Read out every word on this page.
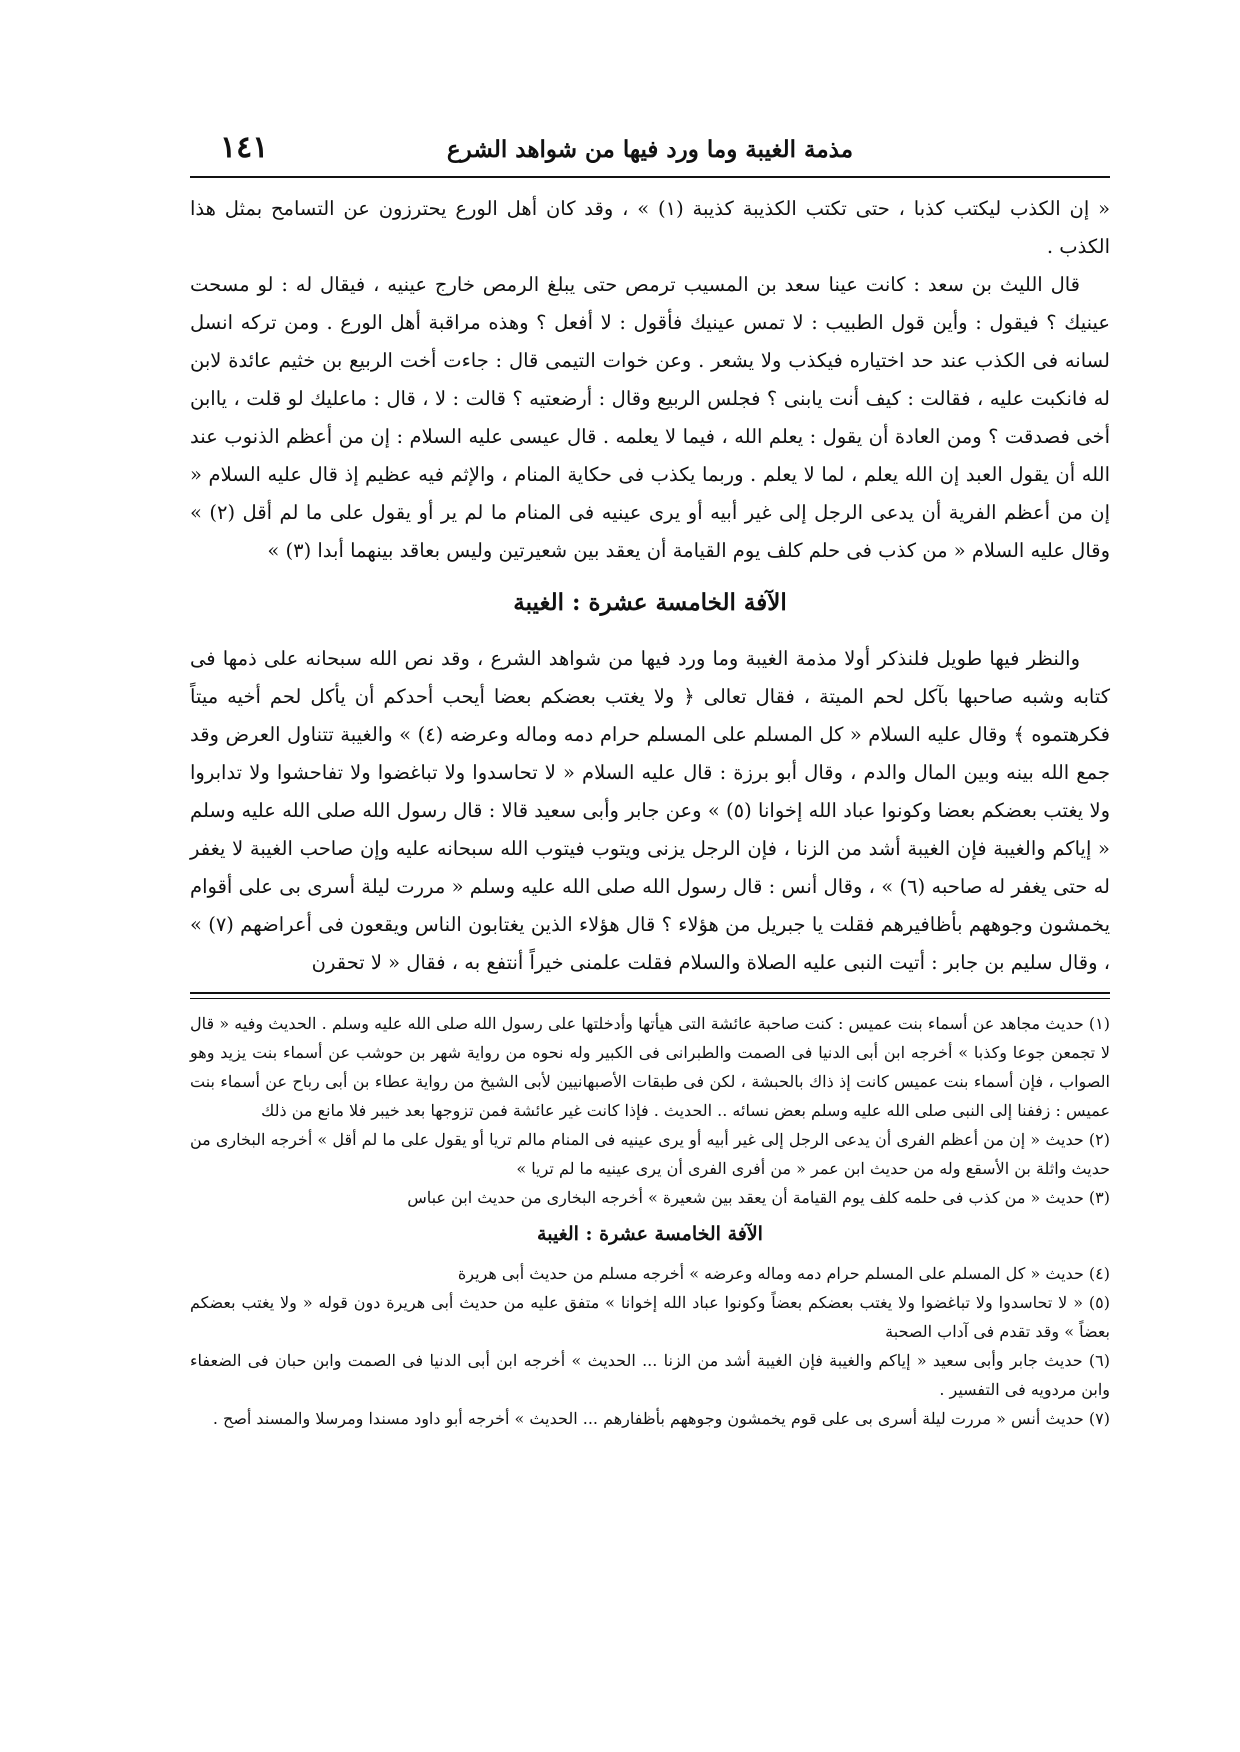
١٤١	مذمة الغيبة وما ورد فيها من شواهد الشرع

« إن الكذب ليكتب كذبا ، حتى تكتب الكذيبة كذيبة (١) » ، وقد كان أهل الورع يحترزون عن التسامح بمثل هذا الكذب .

قال الليث بن سعد : كانت عينا سعد بن المسيب ترمص حتى يبلغ الرمص خارج عينيه ، فيقال له : لو مسحت عينيك ؟ فيقول : وأين قول الطبيب : لا تمس عينيك فأقول : لا أفعل ؟ وهذه مراقبة أهل الورع . ومن تركه انسل لسانه فى الكذب عند حد اختياره فيكذب ولا يشعر . وعن خوات التيمى قال : جاءت أخت الربيع بن خثيم عائدة لابن له فانكبت عليه ، فقالت : كيف أنت يابنى ؟ فجلس الربيع وقال : أرضعتيه ؟ قالت : لا ، قال : ماعليك لو قلت ، ياابن أخى فصدقت ؟ ومن العادة أن يقول : يعلم الله ، فيما لا يعلمه . قال عيسى عليه السلام : إن من أعظم الذنوب عند الله أن يقول العبد إن الله يعلم ، لما لا يعلم . وربما يكذب فى حكاية المنام ، والإثم فيه عظيم إذ قال عليه السلام « إن من أعظم الفرية أن يدعى الرجل إلى غير أبيه أو يرى عينيه فى المنام ما لم ير أو يقول على ما لم أقل (٢) » وقال عليه السلام « من كذب فى حلم كلف يوم القيامة أن يعقد بين شعيرتين وليس بعاقد بينهما أبدا (٣) »

الآفة الخامسة عشرة : الغيبة

والنظر فيها طويل فلنذكر أولا مذمة الغيبة وما ورد فيها من شواهد الشرع ، وقد نص الله سبحانه على ذمها فى كتابه وشبه صاحبها بآكل لحم الميتة ، فقال تعالى ﴿ ولا يغتب بعضكم بعضا أيحب أحدكم أن يأكل لحم أخيه ميتاً فكرهتموه ﴾ وقال عليه السلام « كل المسلم على المسلم حرام دمه وماله وعرضه (٤) » والغيبة تتناول العرض وقد جمع الله بينه وبين المال والدم ، وقال أبو برزة : قال عليه السلام « لا تحاسدوا ولا تباغضوا ولا تفاحشوا ولا تدابروا ولا يغتب بعضكم بعضا وكونوا عباد الله إخوانا (٥) » وعن جابر وأبى سعيد قالا : قال رسول الله صلى الله عليه وسلم « إياكم والغيبة فإن الغيبة أشد من الزنا ، فإن الرجل يزنى ويتوب فيتوب الله سبحانه عليه وإن صاحب الغيبة لا يغفر له حتى يغفر له صاحبه (٦) » ، وقال أنس : قال رسول الله صلى الله عليه وسلم « مررت ليلة أسرى بى على أقوام يخمشون وجوههم بأظافيرهم فقلت يا جبريل من هؤلاء ؟ قال هؤلاء الذين يغتابون الناس ويقعون فى أعراضهم (٧) » ، وقال سليم بن جابر : أتيت النبى عليه الصلاة والسلام فقلت علمنى خيراً أنتفع به ، فقال « لا تحقرن

(١) حديث مجاهد عن أسماء بنت عميس : كنت صاحبة عائشة التى هيأتها وأدخلتها على رسول الله صلى الله عليه وسلم . الحديث وفيه « قال لا تجمعن جوعا وكذبا » أخرجه ابن أبى الدنيا فى الصمت والطبرانى فى الكبير وله نحوه من رواية شهر بن حوشب عن أسماء بنت يزيد وهو الصواب ، فإن أسماء بنت عميس كانت إذ ذاك بالحبشة ، لكن فى طبقات الأصبهانيين لأبى الشيخ من رواية عطاء بن أبى رباح عن أسماء بنت عميس : زففنا إلى النبى صلى الله عليه وسلم بعض نسائه .. الحديث . فإذا كانت غير عائشة فمن تزوجها بعد خيبر فلا مانع من ذلك

(٢) حديث « إن من أعظم الفرى أن يدعى الرجل إلى غير أبيه أو يرى عينيه فى المنام مالم تريا أو يقول على ما لم أقل » أخرجه البخارى من حديث واثلة بن الأسقع وله من حديث ابن عمر « من أفرى الفرى أن يرى عينيه ما لم تريا »

(٣) حديث « من كذب فى حلمه كلف يوم القيامة أن يعقد بين شعيرة » أخرجه البخارى من حديث ابن عباس

الآفة الخامسة عشرة : الغيبة

(٤) حديث « كل المسلم على المسلم حرام دمه وماله وعرضه » أخرجه مسلم من حديث أبى هريرة

(٥) « لا تحاسدوا ولا تباغضوا ولا يغتب بعضكم بعضاً وكونوا عباد الله إخوانا » متفق عليه من حديث أبى هريرة دون قوله « ولا يغتب بعضكم بعضاً » وقد تقدم فى آداب الصحبة

(٦) حديث جابر وأبى سعيد « إياكم والغيبة فإن الغيبة أشد من الزنا ... الحديث » أخرجه ابن أبى الدنيا فى الصمت وابن حبان فى الضعفاء وابن مردويه فى التفسير .

(٧) حديث أنس « مررت ليلة أسرى بى على قوم يخمشون وجوههم بأظفارهم ... الحديث » أخرجه أبو داود مسندا ومرسلا والمسند أصح .
